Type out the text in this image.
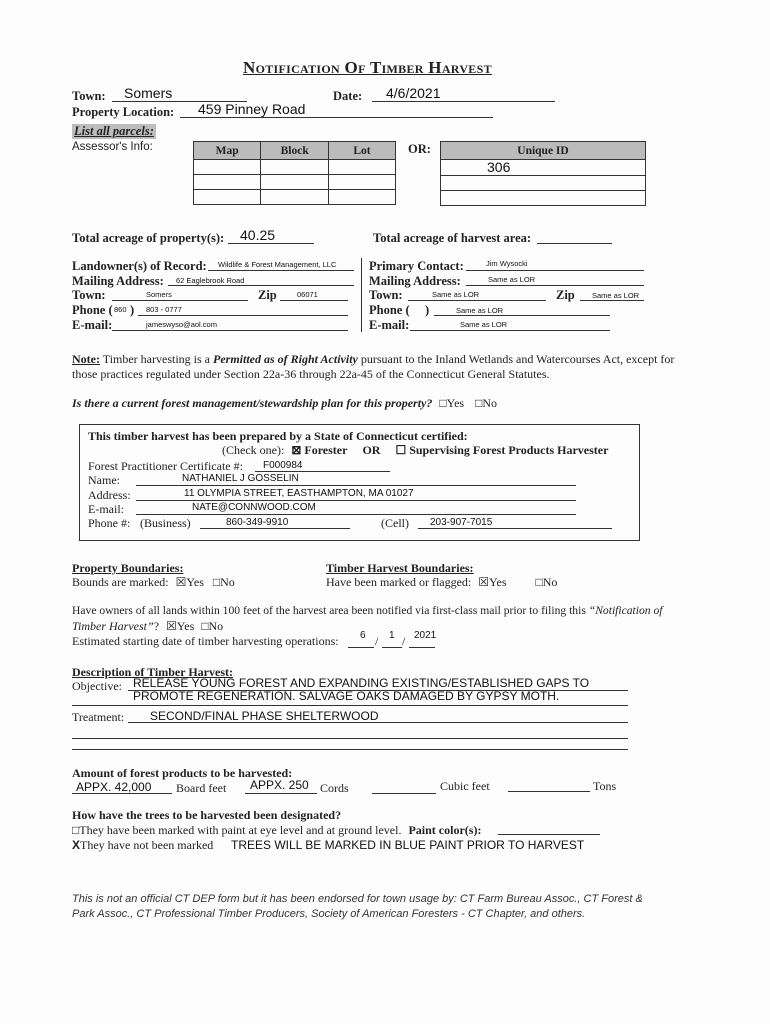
Notification Of Timber Harvest
Town: Somers	Date: 4/6/2021
Property Location: 459 Pinney Road
List all parcels:
Assessor's Info:	Map	Block	Lot

			OR:	Unique ID
306

Total acreage of property(s): 40.25	Total acreage of harvest area:
Landowner(s) of Record: Wildlife & Forest Management, LLC
Mailing Address: 62 Eaglebrook Road
Town:	Somers	Zip	06071
Phone ( 860 ) 803 - 0777
E-mail:	jameswyso@aol.com
Primary Contact:	Jim Wysocki
Mailing Address:	Same as LOR
Town:	Same as LOR	Zip Same as LOR
Phone ( )	Same as LOR
E-mail:	Same as LOR
Note: Timber harvesting is a Permitted as of Right Activity pursuant to the Inland Wetlands and Watercourses Act, except for
those practices regulated under Section 22a-36 through 22a-45 of the Connecticut General Statutes.
Is there a current forest management/stewardship plan for this property? □Yes □No
This timber harvest has been prepared by a State of Connecticut certified:
(Check one): ⊠ Forester OR ☐ Supervising Forest Products Harvester
Forest Practitioner Certificate #: F000984
Name:	NATHANIEL J GOSSELIN
Address:	11 OLYMPIA STREET, EASTHAMPTON, MA 01027
E-mail:	NATE@CONNWOOD.COM
Phone #: (Business)	860-349-9910	(Cell) 203-907-7015
Property Boundaries:
Bounds are marked: ☒Yes □No
Timber Harvest Boundaries:
Have been marked or flagged: ☒Yes □No
Have owners of all lands within 100 feet of the harvest area been notified via first-class mail prior to filing this “Notification of
Timber Harvest”? ☒Yes □No
Estimated starting date of timber harvesting operations: 6 / 1 / 2021
Description of Timber Harvest:
Objective: RELEASE YOUNG FOREST AND EXPANDING EXISTING/ESTABLISHED GAPS TO
PROMOTE REGENERATION. SALVAGE OAKS DAMAGED BY GYPSY MOTH.
Treatment: SECOND/FINAL PHASE SHELTERWOOD
Amount of forest products to be harvested:
APPX. 42,000 Board feet APPX. 250 Cords	Cubic feet	Tons
How have the trees to be harvested been designated?
□They have been marked with paint at eye level and at ground level. Paint color(s):
XThey have not been marked TREES WILL BE MARKED IN BLUE PAINT PRIOR TO HARVEST
This is not an official CT DEP form but it has been endorsed for town usage by: CT Farm Bureau Assoc., CT Forest &
Park Assoc., CT Professional Timber Producers, Society of American Foresters - CT Chapter, and others.
